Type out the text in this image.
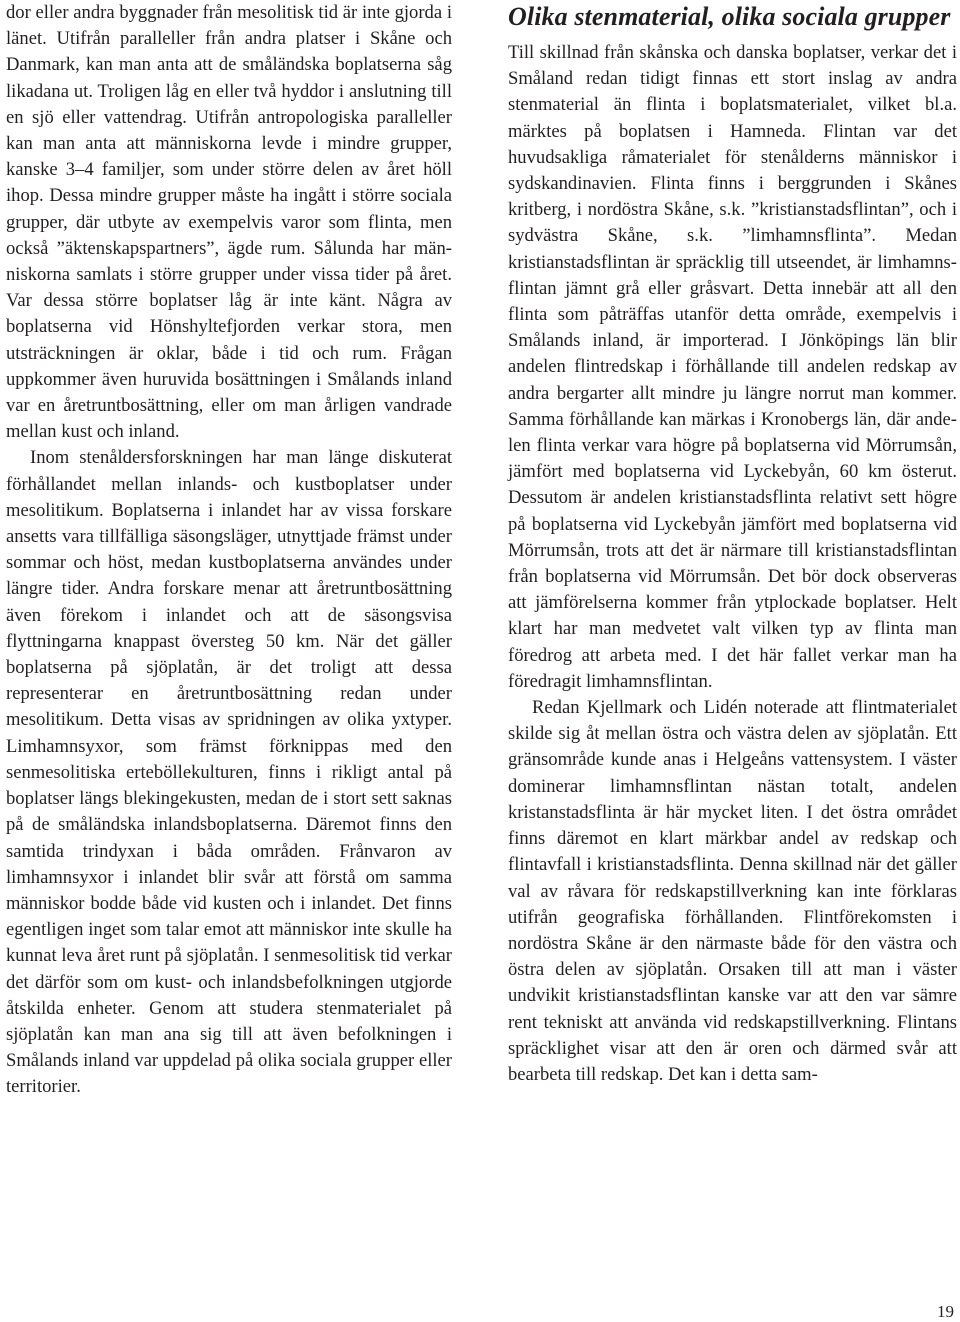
dor eller andra byggnader från mesolitisk tid är inte gjorda i länet. Utifrån paralleller från andra platser i Skåne och Danmark, kan man anta att de småländska boplatserna såg likadana ut. Troligen låg en eller två hyddor i anslutning till en sjö eller vattendrag. Utifrån antropologiska paralleller kan man anta att människorna levde i mindre grupper, kanske 3–4 familjer, som under större delen av året höll ihop. Dessa mindre grupper måste ha ingått i större sociala grupper, där utbyte av exempelvis varor som flinta, men också ”äktenskapspartners”, ägde rum. Sålunda har människorna samlats i större grupper under vissa tider på året. Var dessa större boplatser låg är inte känt. Några av boplatserna vid Hönshyltefjorden verkar stora, men utsträckningen är oklar, både i tid och rum. Frågan uppkommer även huruvida bosättningen i Smålands inland var en åretruntbosättning, eller om man årligen vandrade mellan kust och inland.

Inom stenåldersforskningen har man länge diskuterat förhållandet mellan inlands- och kustboplatser under mesolitikum. Boplatserna i inlandet har av vissa forskare ansetts vara tillfälliga säsongsläger, utnyttjade främst under sommar och höst, medan kustboplatserna användes under längre tider. Andra forskare menar att åretruntbosättning även förekom i inlandet och att de säsongsvisa flyttningarna knappast översteg 50 km. När det gäller boplatserna på sjöplatån, är det troligt att dessa representerar en åretruntbosättning redan under mesolitikum. Detta visas av spridningen av olika yxtyper. Limhamnsyxor, som främst förknippas med den senmesolitiska erteböllekulturen, finns i rikligt antal på boplatser längs blekingekusten, medan de i stort sett saknas på de småländska inlandsboplatserna. Däremot finns den samtida trindyxan i båda områden. Frånvaron av limhamnsyxor i inlandet blir svår att förstå om samma människor bodde både vid kusten och i inlandet. Det finns egentligen inget som talar emot att människor inte skulle ha kunnat leva året runt på sjöplatån. I senmesolitisk tid verkar det därför som om kust- och inlandsbefolkningen utgjorde åtskilda enheter. Genom att studera stenmaterialet på sjöplatån kan man ana sig till att även befolkningen i Smålands inland var uppdelad på olika sociala grupper eller territorier.

Olika stenmaterial, olika sociala grupper

Till skillnad från skånska och danska boplatser, verkar det i Småland redan tidigt finnas ett stort inslag av andra stenmaterial än flinta i boplatsmaterialet, vilket bl.a. märktes på boplatsen i Hamneda. Flintan var det huvudsakliga råmaterialet för stenålderns människor i sydskandinavien. Flinta finns i berggrunden i Skånes kritberg, i nordöstra Skåne, s.k. ”kristianstadsflintan”, och i sydvästra Skåne, s.k. ”limhamnsflinta”. Medan kristianstadsflintan är spräcklig till utseendet, är limhamnsflintan jämnt grå eller gråsvart. Detta innebär att all den flinta som påträffas utanför detta område, exempelvis i Smålands inland, är importerad. I Jönköpings län blir andelen flintredskap i förhållande till andelen redskap av andra bergarter allt mindre ju längre norrut man kommer. Samma förhållande kan märkas i Kronobergs län, där andelen flinta verkar vara högre på boplatserna vid Mörrumsån, jämfört med boplatserna vid Lyckebyån, 60 km österut. Dessutom är andelen kristianstadsflinta relativt sett högre på boplatserna vid Lyckebyån jämfört med boplatserna vid Mörrumsån, trots att det är närmare till kristianstadsflintan från boplatserna vid Mörrumsån. Det bör dock observeras att jämförelserna kommer från ytplockade boplatser. Helt klart har man medvetet valt vilken typ av flinta man föredrog att arbeta med. I det här fallet verkar man ha föredragit limhamnsflintan.

Redan Kjellmark och Lidén noterade att flintmaterialet skilde sig åt mellan östra och västra delen av sjöplatån. Ett gränsområde kunde anas i Helgeåns vattensystem. I väster dominerar limhamnsflintan nästan totalt, andelen kristanstadsflinta är här mycket liten. I det östra området finns däremot en klart märkbar andel av redskap och flintavfall i kristianstadsflinta. Denna skillnad när det gäller val av råvara för redskapstillverkning kan inte förklaras utifrån geografiska förhållanden. Flintförekomsten i nordöstra Skåne är den närmaste både för den västra och östra delen av sjöplatån. Orsaken till att man i väster undvikit kristianstadsflintan kanske var att den var sämre rent tekniskt att använda vid redskapstillverkning. Flintans spräcklighet visar att den är oren och därmed svår att bearbeta till redskap. Det kan i detta sam-

19
